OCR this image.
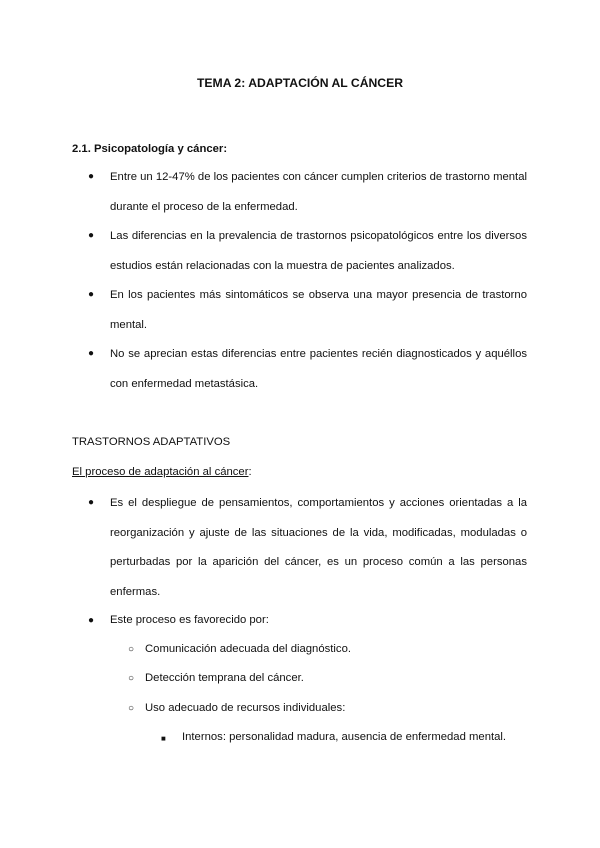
TEMA 2: ADAPTACIÓN AL CÁNCER
2.1. Psicopatología y cáncer:
● Entre un 12-47% de los pacientes con cáncer cumplen criterios de trastorno mental durante el proceso de la enfermedad.
● Las diferencias en la prevalencia de trastornos psicopatológicos entre los diversos estudios están relacionadas con la muestra de pacientes analizados.
● En los pacientes más sintomáticos se observa una mayor presencia de trastorno mental.
● No se aprecian estas diferencias entre pacientes recién diagnosticados y aquéllos con enfermedad metastásica.
TRASTORNOS ADAPTATIVOS
El proceso de adaptación al cáncer:
● Es el despliegue de pensamientos, comportamientos y acciones orientadas a la reorganización y ajuste de las situaciones de la vida, modificadas, moduladas o perturbadas por la aparición del cáncer, es un proceso común a las personas enfermas.
● Este proceso es favorecido por:
○ Comunicación adecuada del diagnóstico.
○ Detección temprana del cáncer.
○ Uso adecuado de recursos individuales:
■ Internos: personalidad madura, ausencia de enfermedad mental.
